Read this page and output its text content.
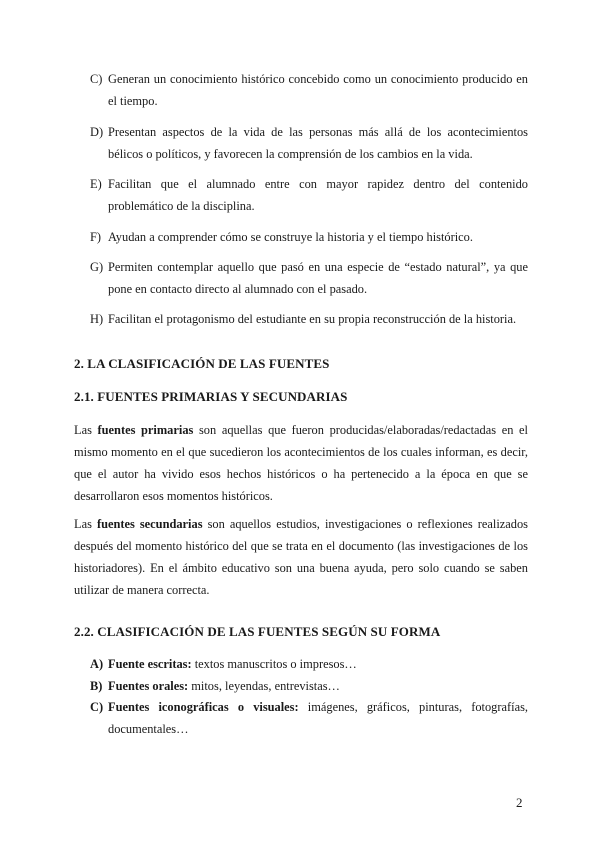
C) Generan un conocimiento histórico concebido como un conocimiento producido en el tiempo.
D) Presentan aspectos de la vida de las personas más allá de los acontecimientos bélicos o políticos, y favorecen la comprensión de los cambios en la vida.
E) Facilitan que el alumnado entre con mayor rapidez dentro del contenido problemático de la disciplina.
F) Ayudan a comprender cómo se construye la historia y el tiempo histórico.
G) Permiten contemplar aquello que pasó en una especie de “estado natural”, ya que pone en contacto directo al alumnado con el pasado.
H) Facilitan el protagonismo del estudiante en su propia reconstrucción de la historia.
2. LA CLASIFICACIÓN DE LAS FUENTES
2.1. FUENTES PRIMARIAS Y SECUNDARIAS
Las fuentes primarias son aquellas que fueron producidas/elaboradas/redactadas en el mismo momento en el que sucedieron los acontecimientos de los cuales informan, es decir, que el autor ha vivido esos hechos históricos o ha pertenecido a la época en que se desarrollaron esos momentos históricos.
Las fuentes secundarias son aquellos estudios, investigaciones o reflexiones realizados después del momento histórico del que se trata en el documento (las investigaciones de los historiadores). En el ámbito educativo son una buena ayuda, pero solo cuando se saben utilizar de manera correcta.
2.2. CLASIFICACIÓN DE LAS FUENTES SEGÚN SU FORMA
A) Fuente escritas: textos manuscritos o impresos…
B) Fuentes orales: mitos, leyendas, entrevistas…
C) Fuentes iconográficas o visuales: imágenes, gráficos, pinturas, fotografías, documentales…
2
